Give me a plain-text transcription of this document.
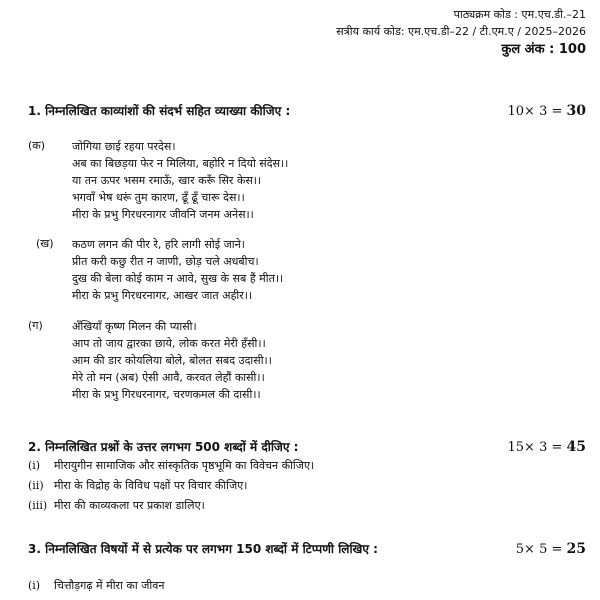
पाठ्यक्रम कोड : एम.एच.डी.–21
सत्रीय कार्य कोड: एम.एच.डी–22 / टी.एम.ए / 2025–2026
कुल अंक : 100
1. निम्नलिखित काव्यांशों की संदर्भ सहित व्याख्या कीजिए :	10× 3 = 30
(क) जोगिया छाई रहया परदेस।
अब का बिछड़या फेर न मिलिया, बहोरि न दियो संदेस।।
या तन ऊपर भसम रमाऊँ, खार करूँ सिर केस।।
भगवाँ भेष धरूं तुम कारण, ढूँ ढूँ चारू देस।।
मीरा के प्रभु गिरधरनागर जीवनि जनम अनेस।।
(ख) कठण लगन की पीर रे, हरि लागी सोई जाने।
प्रीत करी कछु रीत न जाणी, छोड़ चले अधबीच।
दुख की बेला कोई काम न आवे, सुख के सब हैं मीत।।
मीरा के प्रभु गिरधरनागर, आखर जात अहीर।।
(ग)	अँखियाँ कृष्ण मिलन की प्यासी।
आप तो जाय द्वारका छाये, लोक करत मेरी हँसी।।
आम की डार कोयलिया बोले, बोलत सबद उदासी।।
मेरे तो मन (अब) ऐसी आवै, करवत लेहौं कासी।।
मीरा के प्रभु गिरधरनागर, चरणकमल की दासी।।
2. निम्नलिखित प्रश्नों के उत्तर लगभग 500 शब्दों में दीजिए :	15× 3 = 45
(i) मीरायुगीन सामाजिक और सांस्कृतिक पृष्ठभूमि का विवेचन कीजिए।
(ii) मीरा के विद्रोह के विविध पक्षों पर विचार कीजिए।
(iii) मीरा की काव्यकला पर प्रकाश डालिए।
3. निम्नलिखित विषयों में से प्रत्येक पर लगभग 150 शब्दों में टिप्पणी लिखिए :	5× 5 = 25
(i) चित्तौड़गढ़ में मीरा का जीवन
